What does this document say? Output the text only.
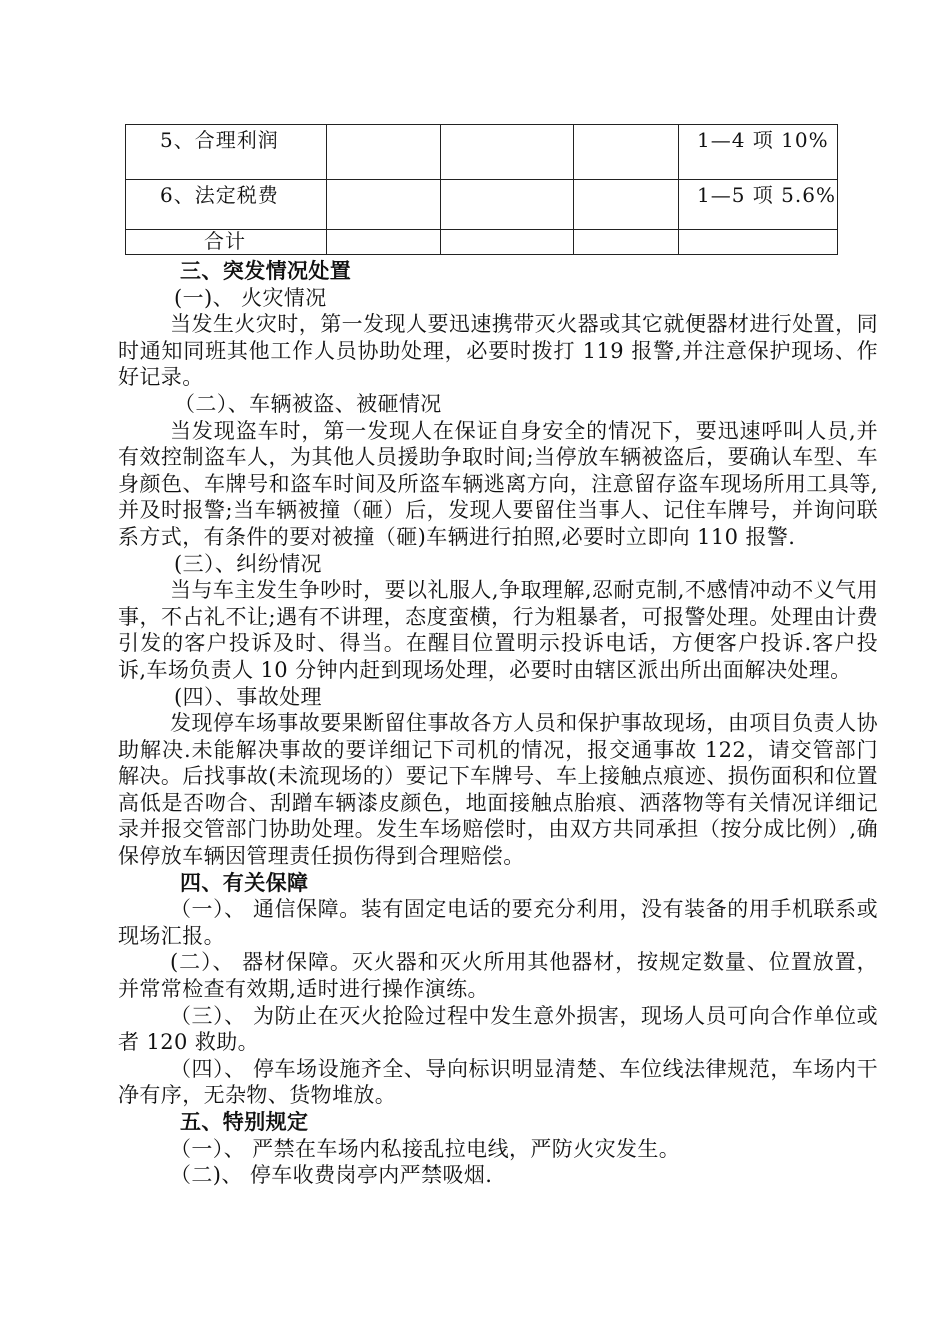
5、合理利润				1—4 项 10%

6、法定税费				1—5 项 5.6%

合计				

三、突发情况处置

(一)、 火灾情况

当发生火灾时，第一发现人要迅速携带灭火器或其它就便器材进行处置，同时通知同班其他工作人员协助处理，必要时拨打 119 报警,并注意保护现场、作好记录。

（二）、车辆被盗、被砸情况

当发现盗车时，第一发现人在保证自身安全的情况下，要迅速呼叫人员,并有效控制盗车人，为其他人员援助争取时间;当停放车辆被盗后，要确认车型、车身颜色、车牌号和盗车时间及所盗车辆逃离方向，注意留存盗车现场所用工具等,并及时报警;当车辆被撞（砸）后，发现人要留住当事人、记住车牌号，并询问联系方式，有条件的要对被撞（砸)车辆进行拍照,必要时立即向 110 报警.

(三）、纠纷情况

当与车主发生争吵时，要以礼服人,争取理解,忍耐克制,不感情冲动不义气用事，不占礼不让;遇有不讲理，态度蛮横，行为粗暴者，可报警处理。处理由计费引发的客户投诉及时、得当。在醒目位置明示投诉电话，方便客户投诉.客户投诉,车场负责人 10 分钟内赶到现场处理，必要时由辖区派出所出面解决处理。

(四）、事故处理

发现停车场事故要果断留住事故各方人员和保护事故现场，由项目负责人协助解决.未能解决事故的要详细记下司机的情况，报交通事故 122，请交管部门解决。后找事故(未流现场的）要记下车牌号、车上接触点痕迹、损伤面积和位置高低是否吻合、刮蹭车辆漆皮颜色，地面接触点胎痕、洒落物等有关情况详细记录并报交管部门协助处理。发生车场赔偿时，由双方共同承担（按分成比例）,确保停放车辆因管理责任损伤得到合理赔偿。

四、有关保障

（一）、 通信保障。装有固定电话的要充分利用，没有装备的用手机联系或现场汇报。

(二）、 器材保障。灭火器和灭火所用其他器材，按规定数量、位置放置，并常常检查有效期,适时进行操作演练。

（三）、 为防止在灭火抢险过程中发生意外损害，现场人员可向合作单位或者 120 救助。

（四）、 停车场设施齐全、导向标识明显清楚、车位线法律规范，车场内干净有序，无杂物、货物堆放。

五、特别规定

（一）、 严禁在车场内私接乱拉电线，严防火灾发生。

（二)、 停车收费岗亭内严禁吸烟.
